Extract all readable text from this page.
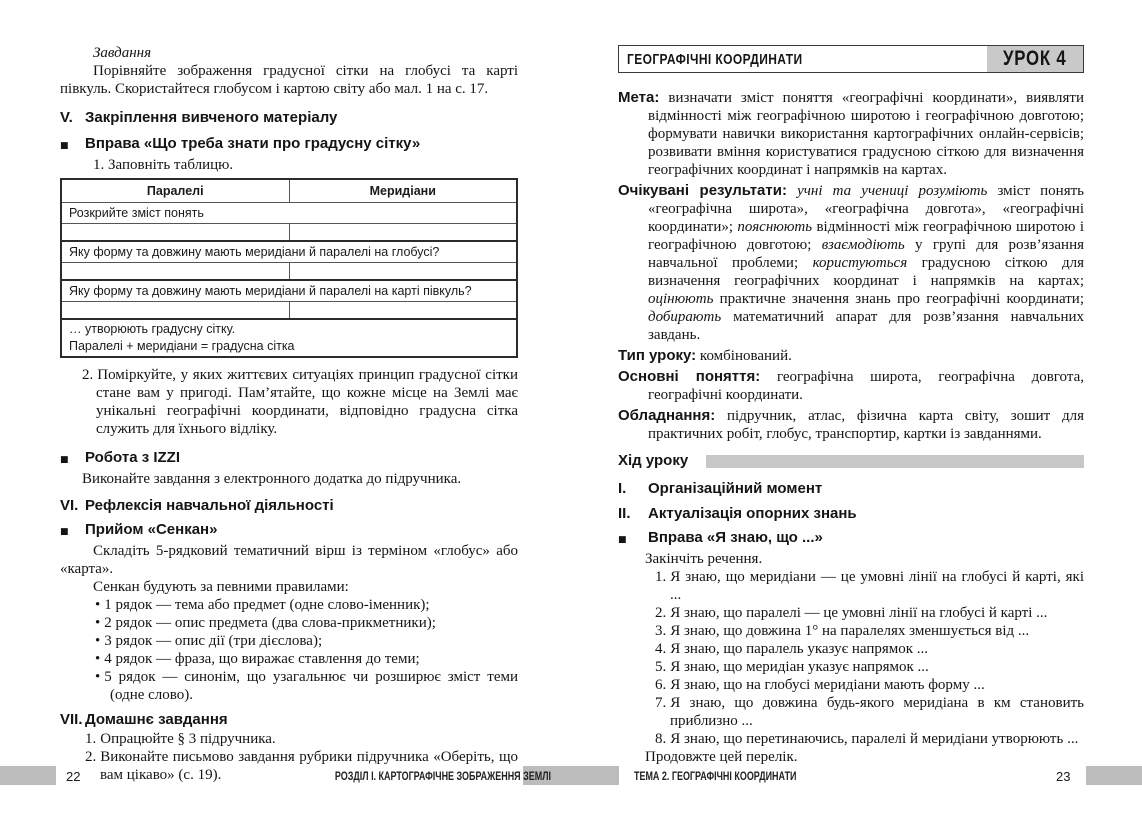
Завдання

Порівняйте зображення градусної сітки на глобусі та карті півкуль. Скористайтеся глобусом і картою світу або мал. 1 на с. 17.

V. Закріплення вивченого матеріалу
■	Вправа «Що треба знати про градусну сітку»
1. Заповніть таблицю.
Паралелі	Меридіани
Розкрийте зміст понять	

Яку форму та довжину мають меридіани й паралелі на глобусі?	

Яку форму та довжину мають меридіани й паралелі на карті півкуль?	

… утворюють градусну сітку.
Паралелі + меридіани = градусна сітка	
2. Поміркуйте, у яких життєвих ситуаціях принцип градусної сітки стане вам у пригоді. Пам’ятайте, що кожне місце на Землі має унікальні географічні координати, відповідно градусна сітка служить для їхнього відліку.
■	Робота з IZZI
Виконайте завдання з електронного додатка до підручника.
VI. Рефлексія навчальної діяльності
■	Прийом «Сенкан»

Складіть 5-рядковий тематичний вірш із терміном «глобус» або «карта».

Сенкан будують за певними правилами:
• 1 рядок — тема або предмет (одне слово-іменник);
• 2 рядок — опис предмета (два слова-прикметники);
• 3 рядок — опис дії (три дієслова);
• 4 рядок — фраза, що виражає ставлення до теми;
• 5 рядок — синонім, що узагальнює чи розширює зміст теми (одне слово).
VII. Домашнє завдання
1. Опрацюйте § 3 підручника.
2. Виконайте письмово завдання рубрики підручника «Оберіть, що вам цікаво» (с. 19).
ГЕОГРАФІЧНІ КООРДИНАТИ	УРОК 4

Мета: визначати зміст поняття «географічні координати», виявляти відмінності між географічною широтою і географічною довготою; формувати навички використання картографічних онлайн-сервісів; розвивати вміння користуватися градусною сіткою для визначення географічних координат і напрямків на картах.

Очікувані результати: учні та учениці розуміють зміст понять «географічна широта», «географічна довгота», «географічні координати»; пояснюють відмінності між географічною широтою і географічною довготою; взаємодіють у групі для розв’язання навчальної проблеми; користуються градусною сіткою для визначення географічних координат і напрямків на картах; оцінюють практичне значення знань про географічні координати; добирають математичний апарат для розв’язання навчальних завдань.

Тип уроку: комбінований.

Основні поняття: географічна широта, географічна довгота, географічні координати.

Обладнання: підручник, атлас, фізична карта світу, зошит для практичних робіт, глобус, транспортир, картки із завданнями.

Хід уроку
I.	Організаційний момент
II.	Актуалізація опорних знань
■	Вправа «Я знаю, що ...»
Закінчіть речення.
1. Я знаю, що меридіани — це умовні лінії на глобусі й карті, які ...
2. Я знаю, що паралелі — це умовні лінії на глобусі й карті ...
3. Я знаю, що довжина 1° на паралелях зменшується від ...
4. Я знаю, що паралель указує напрямок ...
5. Я знаю, що меридіан указує напрямок ...
6. Я знаю, що на глобусі меридіани мають форму ...
7. Я знаю, що довжина будь-якого меридіана в км становить приблизно ...
8. Я знаю, що перетинаючись, паралелі й меридіани утворюють ...
Продовжте цей перелік.
22	РОЗДІЛ І. КАРТОГРАФІЧНЕ ЗОБРАЖЕННЯ ЗЕМЛІ	ТЕМА 2. ГЕОГРАФІЧНІ КООРДИНАТИ	23
